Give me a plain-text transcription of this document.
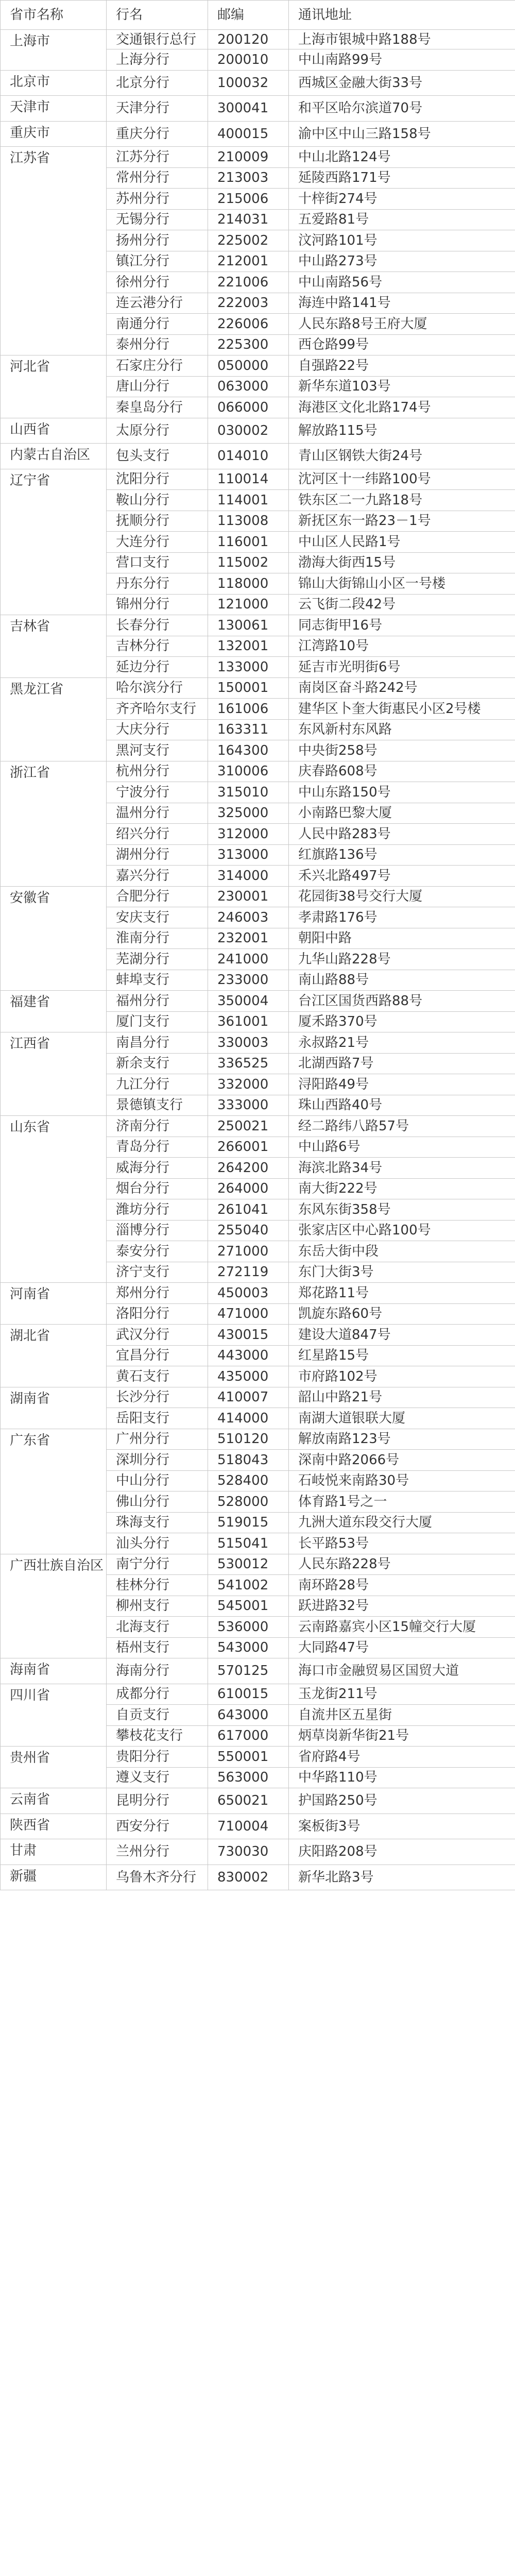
省市名称	行名	邮编	通讯地址
上海市	交通银行总行	200120	上海市银城中路188号
	上海分行	200010	中山南路99号
北京市	北京分行	100032	西城区金融大街33号
天津市	天津分行	300041	和平区哈尔滨道70号
重庆市	重庆分行	400015	渝中区中山三路158号
江苏省	江苏分行	210009	中山北路124号
	常州分行	213003	延陵西路171号
	苏州分行	215006	十梓街274号
	无锡分行	214031	五爱路81号
	扬州分行	225002	汶河路101号
	镇江分行	212001	中山路273号
	徐州分行	221006	中山南路56号
	连云港分行	222003	海连中路141号
	南通分行	226006	人民东路8号王府大厦
	泰州分行	225300	西仓路99号
河北省	石家庄分行	050000	自强路22号
	唐山分行	063000	新华东道103号
	秦皇岛分行	066000	海港区文化北路174号
山西省	太原分行	030002	解放路115号
内蒙古自治区	包头支行	014010	青山区钢铁大街24号
辽宁省	沈阳分行	110014	沈河区十一纬路100号
	鞍山分行	114001	铁东区二一九路18号
	抚顺分行	113008	新抚区东一路23－1号
	大连分行	116001	中山区人民路1号
	营口支行	115002	渤海大街西15号
	丹东分行	118000	锦山大街锦山小区一号楼
	锦州分行	121000	云飞街二段42号
吉林省	长春分行	130061	同志街甲16号
	吉林分行	132001	江湾路10号
	延边分行	133000	延吉市光明街6号
黑龙江省	哈尔滨分行	150001	南岗区奋斗路242号
	齐齐哈尔支行	161006	建华区卜奎大街惠民小区2号楼
	大庆分行	163311	东风新村东风路
	黑河支行	164300	中央街258号
浙江省	杭州分行	310006	庆春路608号
	宁波分行	315010	中山东路150号
	温州分行	325000	小南路巴黎大厦
	绍兴分行	312000	人民中路283号
	湖州分行	313000	红旗路136号
	嘉兴分行	314000	禾兴北路497号
安徽省	合肥分行	230001	花园街38号交行大厦
	安庆支行	246003	孝肃路176号
	淮南分行	232001	朝阳中路
	芜湖分行	241000	九华山路228号
	蚌埠支行	233000	南山路88号
福建省	福州分行	350004	台江区国货西路88号
	厦门支行	361001	厦禾路370号
江西省	南昌分行	330003	永叔路21号
	新余支行	336525	北湖西路7号
	九江分行	332000	浔阳路49号
	景德镇支行	333000	珠山西路40号
山东省	济南分行	250021	经二路纬八路57号
	青岛分行	266001	中山路6号
	威海分行	264200	海滨北路34号
	烟台分行	264000	南大街222号
	潍坊分行	261041	东风东街358号
	淄博分行	255040	张家店区中心路100号
	泰安分行	271000	东岳大街中段
	济宁支行	272119	东门大街3号
河南省	郑州分行	450003	郑花路11号
	洛阳分行	471000	凯旋东路60号
湖北省	武汉分行	430015	建设大道847号
	宜昌分行	443000	红星路15号
	黄石支行	435000	市府路102号
湖南省	长沙分行	410007	韶山中路21号
	岳阳支行	414000	南湖大道银联大厦
广东省	广州分行	510120	解放南路123号
	深圳分行	518043	深南中路2066号
	中山分行	528400	石岐悦来南路30号
	佛山分行	528000	体育路1号之一
	珠海支行	519015	九洲大道东段交行大厦
	汕头分行	515041	长平路53号
广西壮族自治区	南宁分行	530012	人民东路228号
	桂林分行	541002	南环路28号
	柳州支行	545001	跃进路32号
	北海支行	536000	云南路嘉宾小区15幢交行大厦
	梧州支行	543000	大同路47号
海南省	海南分行	570125	海口市金融贸易区国贸大道
四川省	成都分行	610015	玉龙街211号
	自贡支行	643000	自流井区五星街
	攀枝花支行	617000	炳草岗新华街21号
贵州省	贵阳分行	550001	省府路4号
	遵义支行	563000	中华路110号
云南省	昆明分行	650021	护国路250号
陕西省	西安分行	710004	案板街3号
甘肃	兰州分行	730030	庆阳路208号
新疆	乌鲁木齐分行	830002	新华北路3号
